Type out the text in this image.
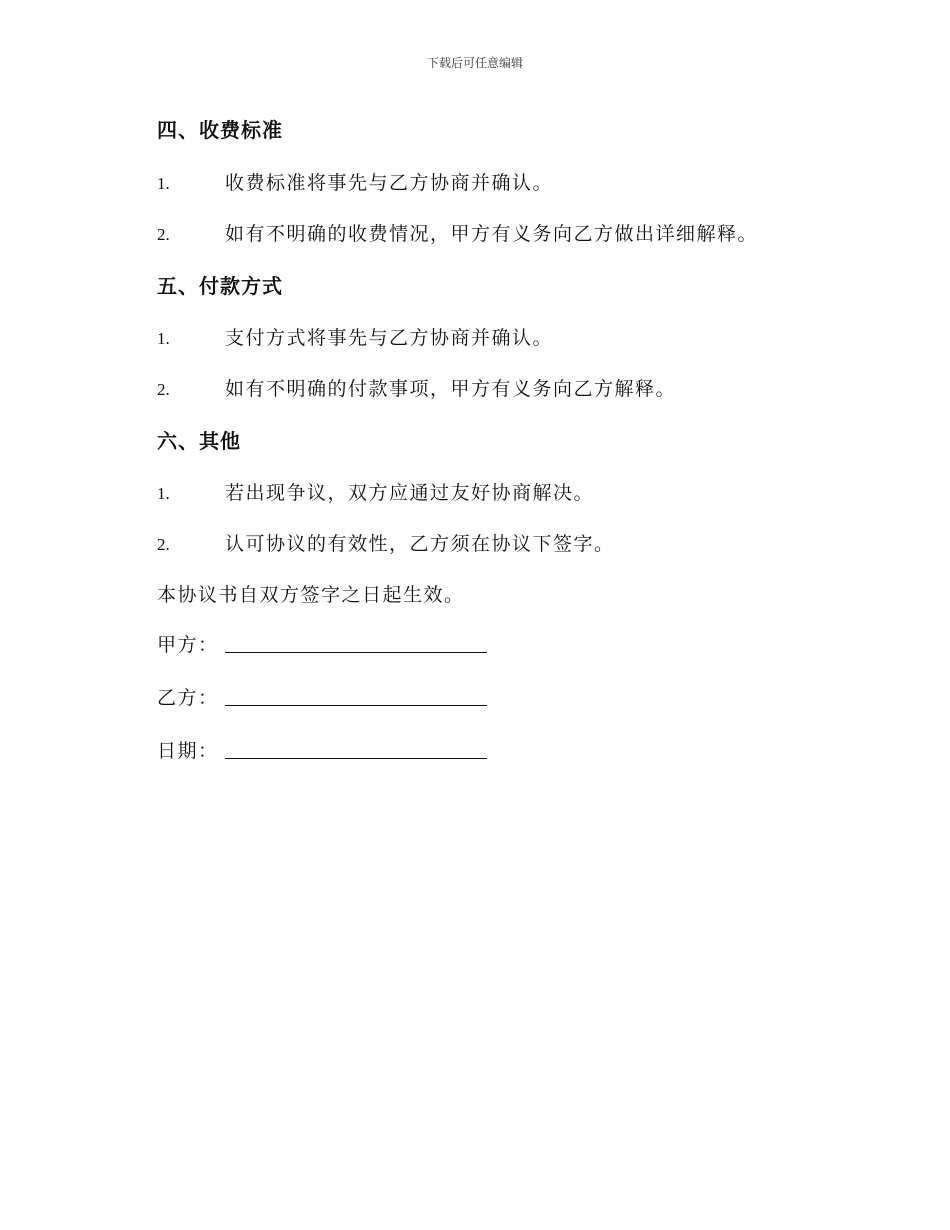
下载后可任意编辑
四、收费标准
1.	收费标准将事先与乙方协商并确认。
2.	如有不明确的收费情况，甲方有义务向乙方做出详细解释。
五、付款方式
1.	支付方式将事先与乙方协商并确认。
2.	如有不明确的付款事项，甲方有义务向乙方解释。
六、其他
1.	若出现争议，双方应通过友好协商解决。
2.	认可协议的有效性，乙方须在协议下签字。
本协议书自双方签字之日起生效。
甲方：
乙方：
日期：
